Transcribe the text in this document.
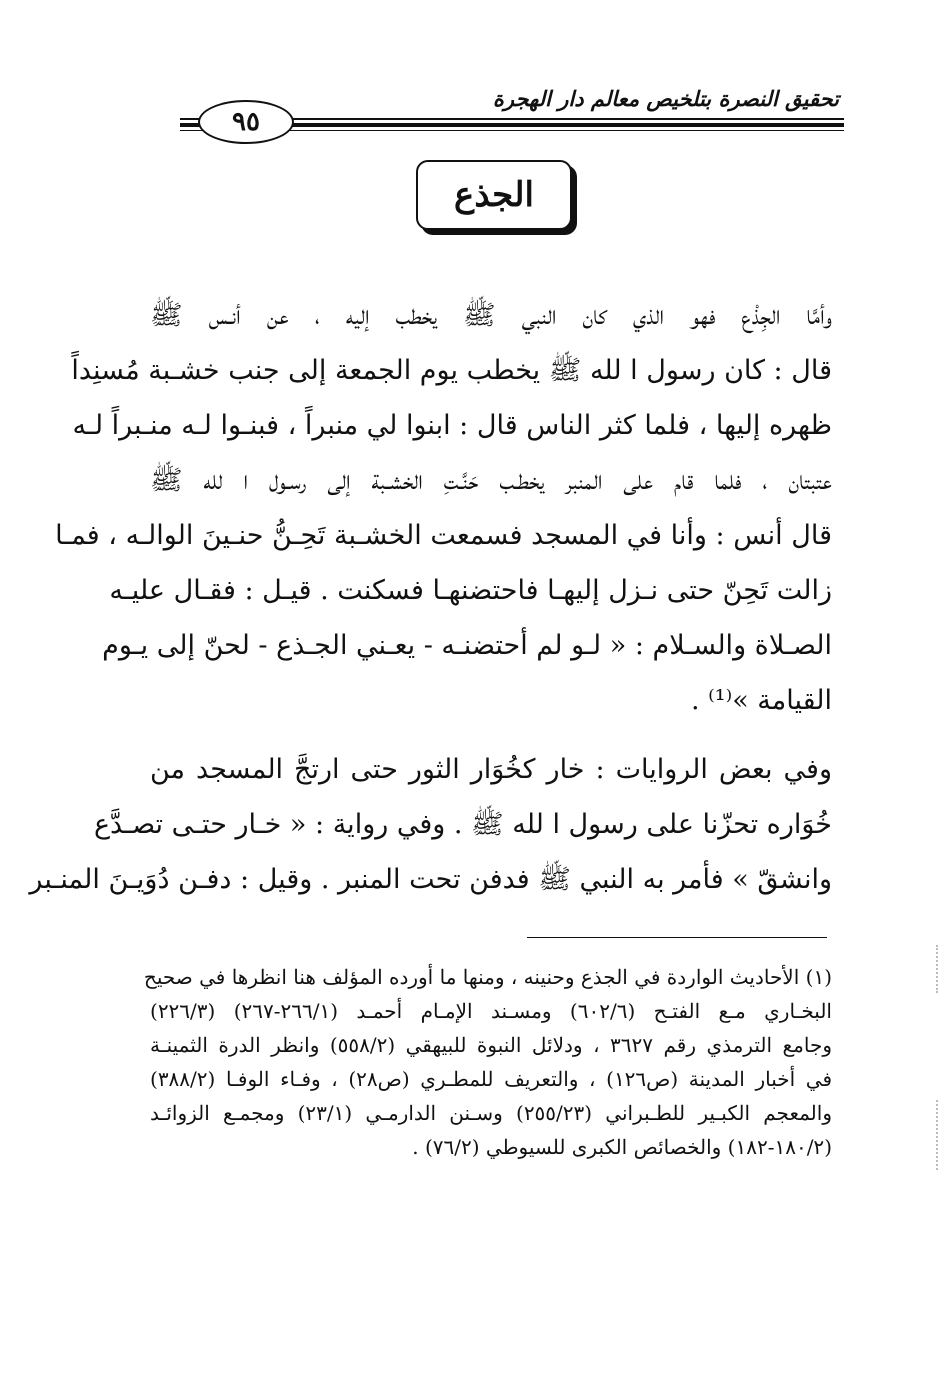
تحقيق النصرة بتلخيص معالم دار الهجرة
٩٥
الجذع
وأمَّا الجِذْع فهو الذي كان النبي ﷺ يخطب إليه ، عن أنـس ﷺ
قال : كان رسول ا لله ﷺ يخطب يوم الجمعة إلى جنب خشـبة مُسنِداً
ظهره إليها ، فلما كثر الناس قال : ابنوا لي منبراً ، فبنـوا لـه منـبراً لـه
عتبتان ، فلما قام على المنبر يخطـب حَنَّـتِ الخشـبة إلى رسـول ا لله ﷺ
قال أنس : وأنا في المسجد فسمعت الخشـبة تَحِـنُّ حنـينَ الوالـه ، فمـا
زالت تَحِنّ حتى نـزل إليهـا فاحتضنهـا فسكنت . قيـل : فقـال عليـه
الصـلاة والسـلام : « لـو لم أحتضنـه - يعـني الجـذع - لحنّ إلى يـوم
القيامة »⁽¹⁾ .
وفي بعض الروايات : خار كخُوَار الثور حتى ارتجَّ المسجد من
خُوَاره تحزّنا على رسول ا لله ﷺ . وفي رواية : « خـار حتـى تصـدَّع
وانشقّ » فأمر به النبي ﷺ فدفن تحت المنبر . وقيل : دفـن دُوَيـنَ المنـبر
(١) الأحاديث الواردة في الجذع وحنينه ، ومنها ما أورده المؤلف هنا انظرها في صحيح
البخـاري مـع الفتـح (٦٠٢/٦) ومسـند الإمـام أحمـد (٢٦٦/١-٢٦٧) (٢٢٦/٣)
وجامع الترمذي رقم ٣٦٢٧ ، ودلائل النبوة للبيهقي (٥٥٨/٢) وانظر الدرة الثمينـة
في أخبار المدينة (ص١٢٦) ، والتعريف للمطـري (ص٢٨) ، وفـاء الوفـا (٣٨٨/٢)
والمعجم الكبـير للطـبراني (٢٥٥/٢٣) وسـنن الدارمـي (٢٣/١) ومجمـع الزوائـد
(١٨٠/٢-١٨٢) والخصائص الكبرى للسيوطي (٧٦/٢) .
